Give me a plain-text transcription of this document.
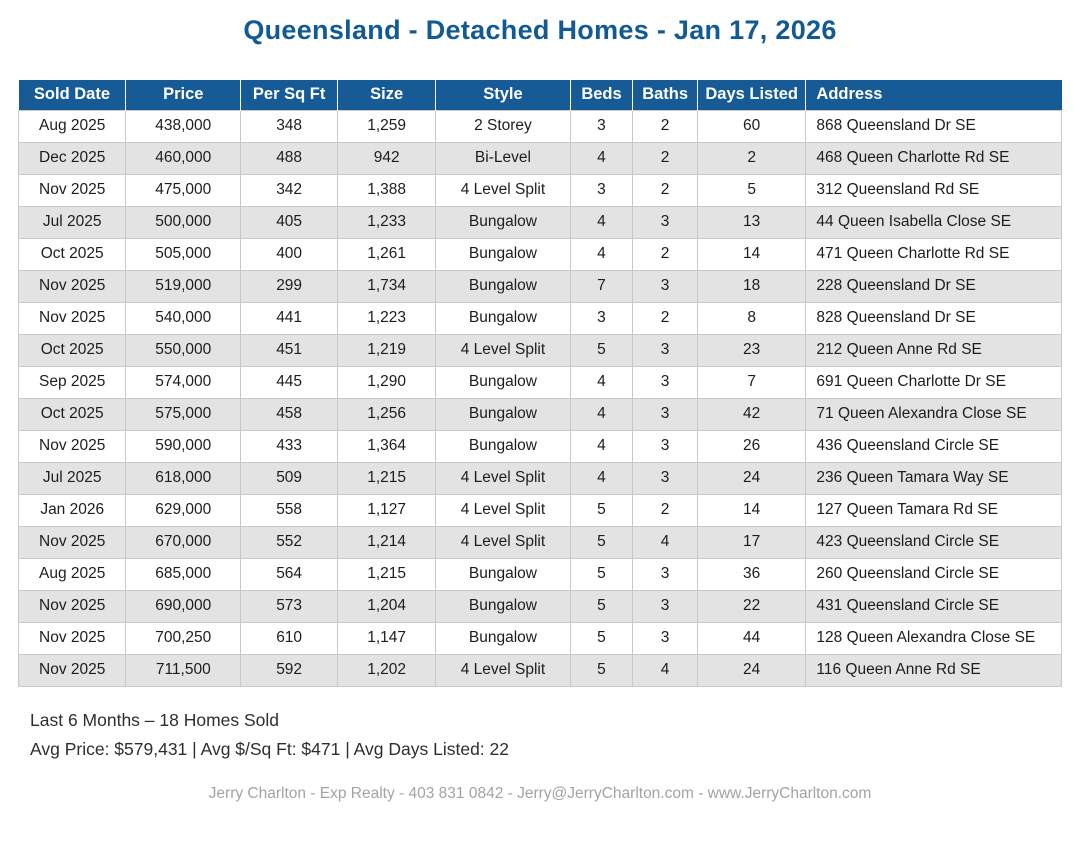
Queensland - Detached Homes - Jan 17, 2026
Sold Date	Price	Per Sq Ft	Size	Style	Beds	Baths	Days Listed	Address
Aug 2025	438,000	348	1,259	2 Storey	3	2	60	868 Queensland Dr SE
Dec 2025	460,000	488	942	Bi-Level	4	2	2	468 Queen Charlotte Rd SE
Nov 2025	475,000	342	1,388	4 Level Split	3	2	5	312 Queensland Rd SE
Jul 2025	500,000	405	1,233	Bungalow	4	3	13	44 Queen Isabella Close SE
Oct 2025	505,000	400	1,261	Bungalow	4	2	14	471 Queen Charlotte Rd SE
Nov 2025	519,000	299	1,734	Bungalow	7	3	18	228 Queensland Dr SE
Nov 2025	540,000	441	1,223	Bungalow	3	2	8	828 Queensland Dr SE
Oct 2025	550,000	451	1,219	4 Level Split	5	3	23	212 Queen Anne Rd SE
Sep 2025	574,000	445	1,290	Bungalow	4	3	7	691 Queen Charlotte Dr SE
Oct 2025	575,000	458	1,256	Bungalow	4	3	42	71 Queen Alexandra Close SE
Nov 2025	590,000	433	1,364	Bungalow	4	3	26	436 Queensland Circle SE
Jul 2025	618,000	509	1,215	4 Level Split	4	3	24	236 Queen Tamara Way SE
Jan 2026	629,000	558	1,127	4 Level Split	5	2	14	127 Queen Tamara Rd SE
Nov 2025	670,000	552	1,214	4 Level Split	5	4	17	423 Queensland Circle SE
Aug 2025	685,000	564	1,215	Bungalow	5	3	36	260 Queensland Circle SE
Nov 2025	690,000	573	1,204	Bungalow	5	3	22	431 Queensland Circle SE
Nov 2025	700,250	610	1,147	Bungalow	5	3	44	128 Queen Alexandra Close SE
Nov 2025	711,500	592	1,202	4 Level Split	5	4	24	116 Queen Anne Rd SE
Last 6 Months – 18 Homes Sold
Avg Price: $579,431 | Avg $/Sq Ft: $471 | Avg Days Listed: 22
Jerry Charlton - Exp Realty - 403 831 0842 - Jerry@JerryCharlton.com - www.JerryCharlton.com
